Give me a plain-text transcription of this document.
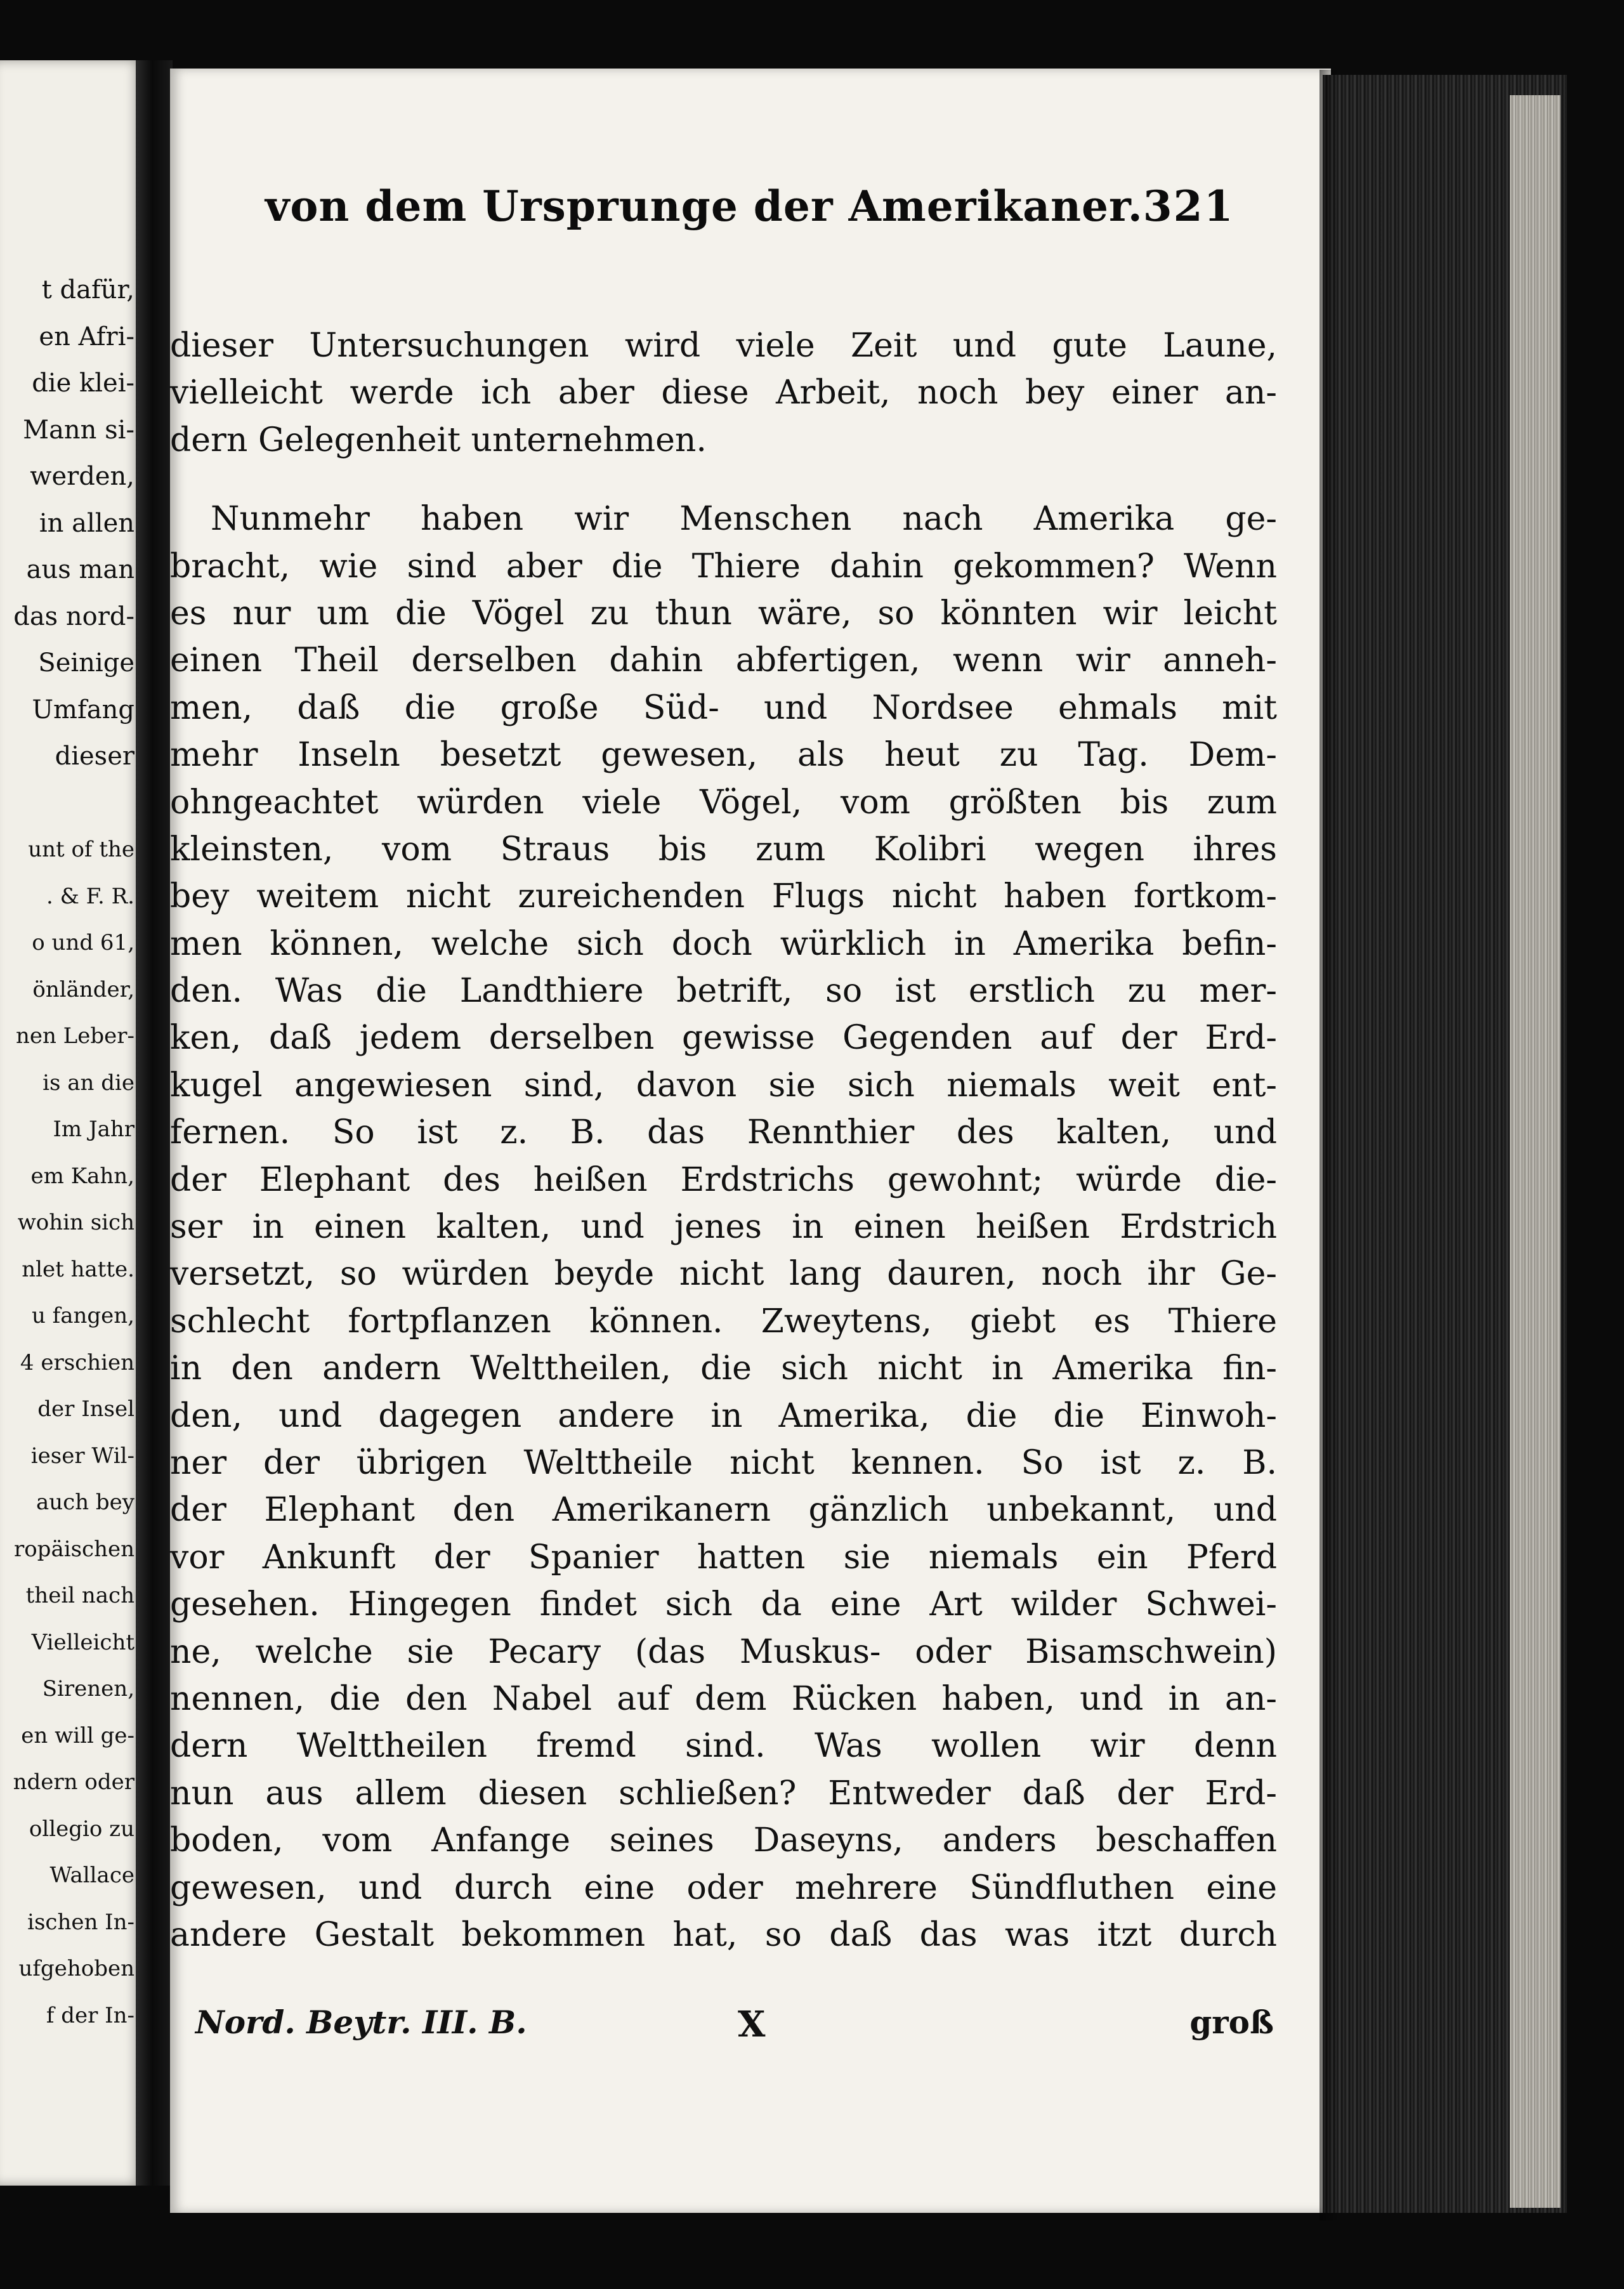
t dafür,
en Afri-
die klei-
Mann si-
werden,
in allen
aus man
das nord-
Seinige
Umfang
dieser
unt of the
. & F. R.
o und 61,
önländer,
nen Leber-
is an die
Im Jahr
em Kahn,
wohin sich
nlet hatte.
u fangen,
4 erschien
der Insel
ieser Wil-
auch bey
ropäischen
theil nach
Vielleicht
Sirenen,
en will ge-
ndern oder
ollegio zu
Wallace
ischen In-
ufgehoben
f der In-
von dem Ursprunge der Amerikaner. 321
dieser Untersuchungen wird viele Zeit und gute Laune,
vielleicht werde ich aber diese Arbeit, noch bey einer an-
dern Gelegenheit unternehmen.
Nunmehr haben wir Menschen nach Amerika ge-
bracht, wie sind aber die Thiere dahin gekommen? Wenn
es nur um die Vögel zu thun wäre, so könnten wir leicht
einen Theil derselben dahin abfertigen, wenn wir anneh-
men, daß die große Süd- und Nordsee ehmals mit
mehr Inseln besetzt gewesen, als heut zu Tag. Dem-
ohngeachtet würden viele Vögel, vom größten bis zum
kleinsten, vom Straus bis zum Kolibri wegen ihres
bey weitem nicht zureichenden Flugs nicht haben fortkom-
men können, welche sich doch würklich in Amerika befin-
den. Was die Landthiere betrift, so ist erstlich zu mer-
ken, daß jedem derselben gewisse Gegenden auf der Erd-
kugel angewiesen sind, davon sie sich niemals weit ent-
fernen. So ist z. B. das Rennthier des kalten, und
der Elephant des heißen Erdstrichs gewohnt; würde die-
ser in einen kalten, und jenes in einen heißen Erdstrich
versetzt, so würden beyde nicht lang dauren, noch ihr Ge-
schlecht fortpflanzen können. Zweytens, giebt es Thiere
in den andern Welttheilen, die sich nicht in Amerika fin-
den, und dagegen andere in Amerika, die die Einwoh-
ner der übrigen Welttheile nicht kennen. So ist z. B.
der Elephant den Amerikanern gänzlich unbekannt, und
vor Ankunft der Spanier hatten sie niemals ein Pferd
gesehen. Hingegen findet sich da eine Art wilder Schwei-
ne, welche sie Pecary (das Muskus- oder Bisamschwein)
nennen, die den Nabel auf dem Rücken haben, und in an-
dern Welttheilen fremd sind. Was wollen wir denn
nun aus allem diesen schließen? Entweder daß der Erd-
boden, vom Anfange seines Daseyns, anders beschaffen
gewesen, und durch eine oder mehrere Sündfluthen eine
andere Gestalt bekommen hat, so daß das was itzt durch
Nord. Beytr. III. B.	X	groß
